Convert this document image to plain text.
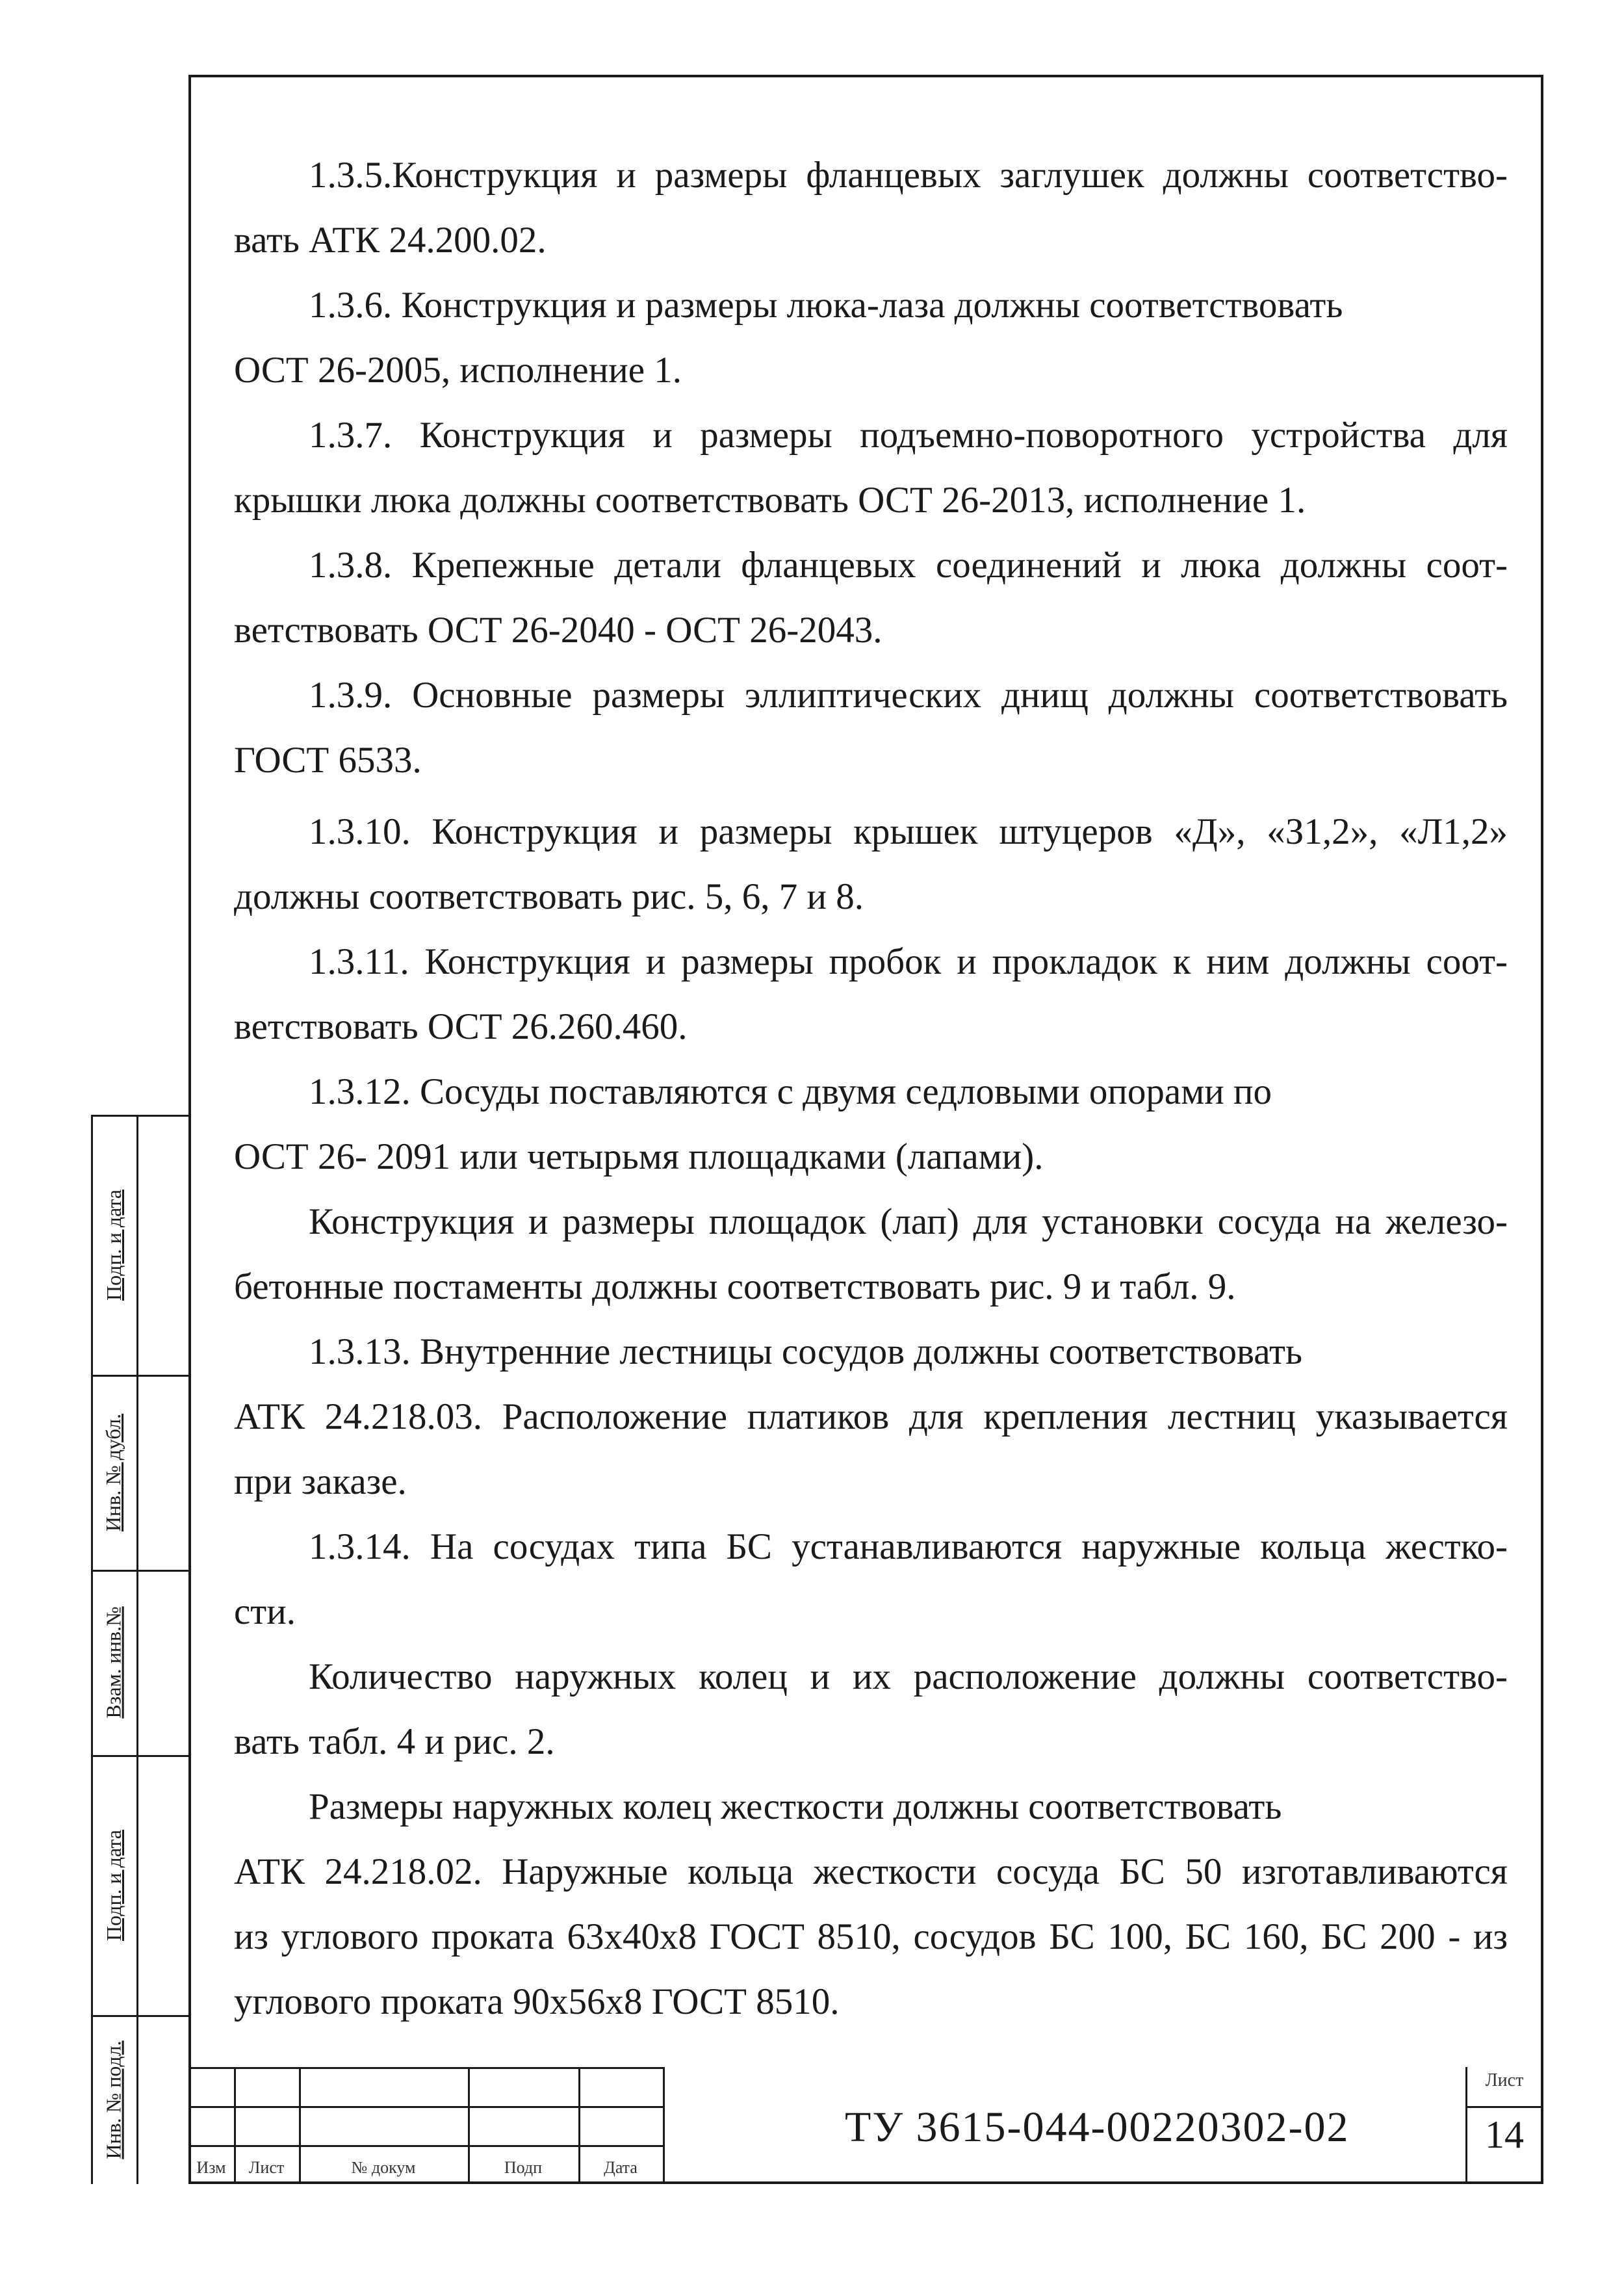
1.3.5.Конструкция и размеры фланцевых заглушек должны соответство-
вать АТК 24.200.02.
1.3.6. Конструкция и размеры люка-лаза должны соответствовать
ОСТ 26-2005, исполнение 1.
1.3.7. Конструкция и размеры подъемно-поворотного устройства для
крышки люка должны соответствовать ОСТ 26-2013, исполнение 1.
1.3.8. Крепежные детали фланцевых соединений и люка должны соот-
ветствовать ОСТ 26-2040 - ОСТ 26-2043.
1.3.9. Основные размеры эллиптических днищ должны соответствовать
ГОСТ 6533.
1.3.10. Конструкция и размеры крышек штуцеров «Д», «З1,2», «Л1,2»
должны соответствовать рис. 5, 6, 7 и 8.
1.3.11. Конструкция и размеры пробок и прокладок к ним должны соот-
ветствовать ОСТ 26.260.460.
1.3.12. Сосуды поставляются с двумя седловыми опорами по
ОСТ 26- 2091 или четырьмя площадками (лапами).
Конструкция и размеры площадок (лап) для установки сосуда на железо-
бетонные постаменты должны соответствовать рис. 9 и табл. 9.
1.3.13. Внутренние лестницы сосудов должны соответствовать
АТК 24.218.03. Расположение платиков для крепления лестниц указывается
при заказе.
1.3.14. На сосудах типа БС устанавливаются наружные кольца жестко-
сти.
Количество наружных колец и их расположение должны соответство-
вать табл. 4 и рис. 2.
Размеры наружных колец жесткости должны соответствовать
АТК 24.218.02. Наружные кольца жесткости сосуда БС 50 изготавливаются
из углового проката 63х40х8 ГОСТ 8510, сосудов БС 100, БС 160, БС 200 - из
углового проката 90х56х8 ГОСТ 8510.
Подп. и дата
Инв. № дубл.
Взам. инв.№
Подп. и дата
Инв. № подл.
Изм	Лист	№ докум	Подп	Дата
ТУ 3615-044-00220302-02
Лист
14
